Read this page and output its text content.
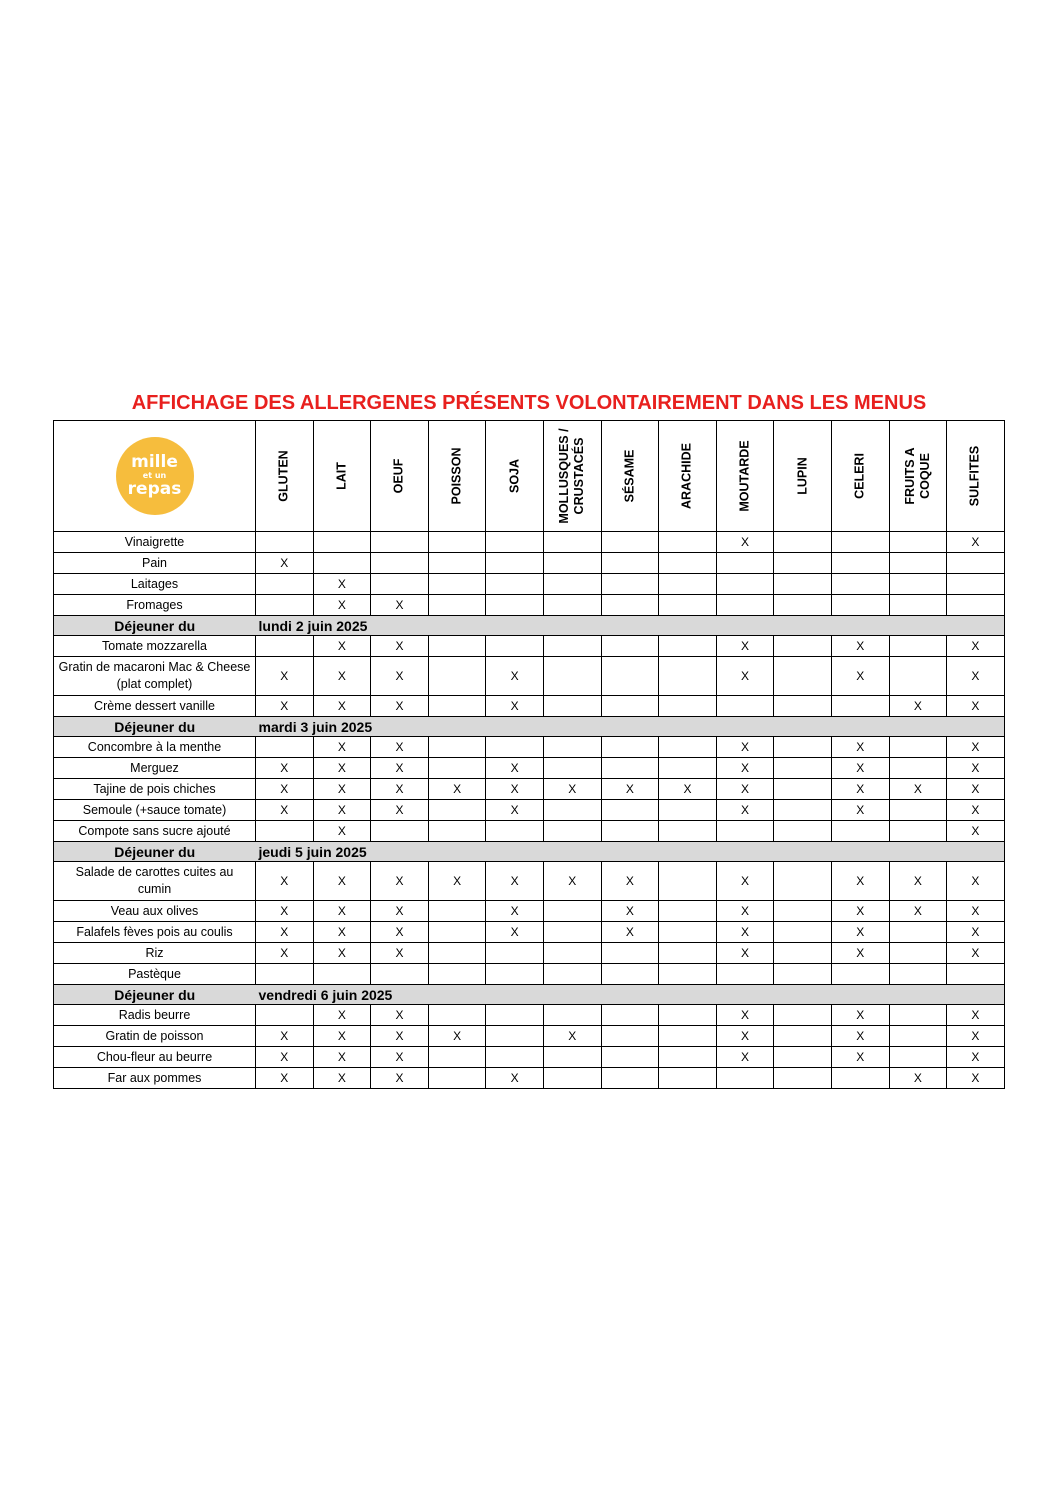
AFFICHAGE DES ALLERGENES PRÉSENTS VOLONTAIREMENT DANS LES MENUS
mille
et un
repas	GLUTEN	LAIT	OEUF	POISSON	SOJA	MOLLUSQUES /
CRUSTACÉS	SÉSAME	ARACHIDE	MOUTARDE	LUPIN	CELERI	FRUITS A
COQUE	SULFITES

Vinaigrette									X				X
Pain	X												
Laitages		X											
Fromages		X	X										
Déjeuner du	lundi 2 juin 2025												
Tomate mozzarella		X	X						X		X		X
Gratin de macaroni Mac & Cheese (plat complet)	X	X	X		X				X		X		X
Crème dessert vanille	X	X	X		X							X	X
Déjeuner du	mardi 3 juin 2025												
Concombre à la menthe		X	X						X		X		X
Merguez	X	X	X		X				X		X		X
Tajine de pois chiches	X	X	X	X	X	X	X	X	X		X	X	X
Semoule (+sauce tomate)	X	X	X		X				X		X		X
Compote sans sucre ajouté		X											X
Déjeuner du	jeudi 5 juin 2025												
Salade de carottes cuites au cumin	X	X	X	X	X	X	X		X		X	X	X
Veau aux olives	X	X	X		X		X		X		X	X	X
Falafels fèves pois au coulis	X	X	X		X		X		X		X		X
Riz	X	X	X						X		X		X
Pastèque													
Déjeuner du	vendredi 6 juin 2025												
Radis beurre		X	X						X		X		X
Gratin de poisson	X	X	X	X		X			X		X		X
Chou-fleur au beurre	X	X	X						X		X		X
Far aux pommes	X	X	X		X							X	X
